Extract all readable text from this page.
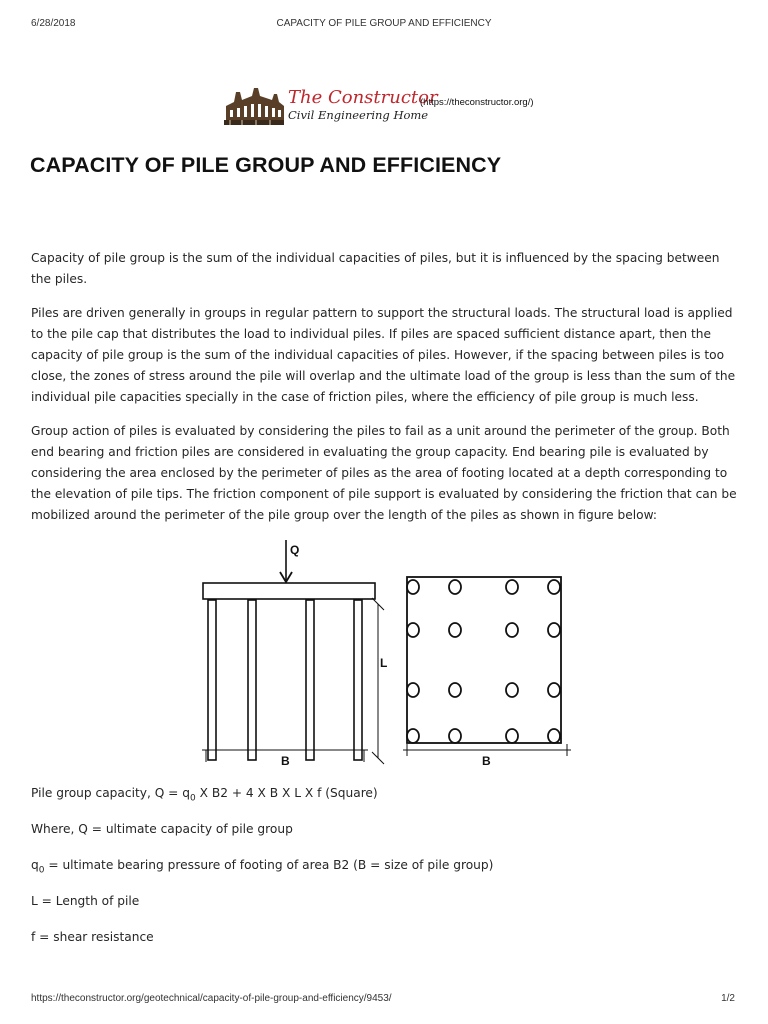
6/28/2018	CAPACITY OF PILE GROUP AND EFFICIENCY
The Constructor
Civil Engineering Home
(https://theconstructor.org/)
CAPACITY OF PILE GROUP AND EFFICIENCY

Capacity of pile group is the sum of the individual capacities of piles, but it is influenced by the spacing between the piles.

Piles are driven generally in groups in regular pattern to support the structural loads. The structural load is applied to the pile cap that distributes the load to individual piles. If piles are spaced sufficient distance apart, then the capacity of pile group is the sum of the individual capacities of piles. However, if the spacing between piles is too close, the zones of stress around the pile will overlap and the ultimate load of the group is less than the sum of the individual pile capacities specially in the case of friction piles, where the efficiency of pile group is much less.

Group action of piles is evaluated by considering the piles to fail as a unit around the perimeter of the group. Both end bearing and friction piles are considered in evaluating the group capacity. End bearing pile is evaluated by considering the area enclosed by the perimeter of piles as the area of footing located at a depth corresponding to the elevation of pile tips. The friction component of pile support is evaluated by considering the friction that can be mobilized around the perimeter of the pile group over the length of the piles as shown in figure below:

Q
L
B	B

Pile group capacity, $Q = q_0$ X B2 + 4 X B X L X f (Square)

Where, Q = ultimate capacity of pile group

$q_0$ = ultimate bearing pressure of footing of area B2 (B = size of pile group)

L = Length of pile

f = shear resistance

https://theconstructor.org/geotechnical/capacity-of-pile-group-and-efficiency/9453/	1/2
